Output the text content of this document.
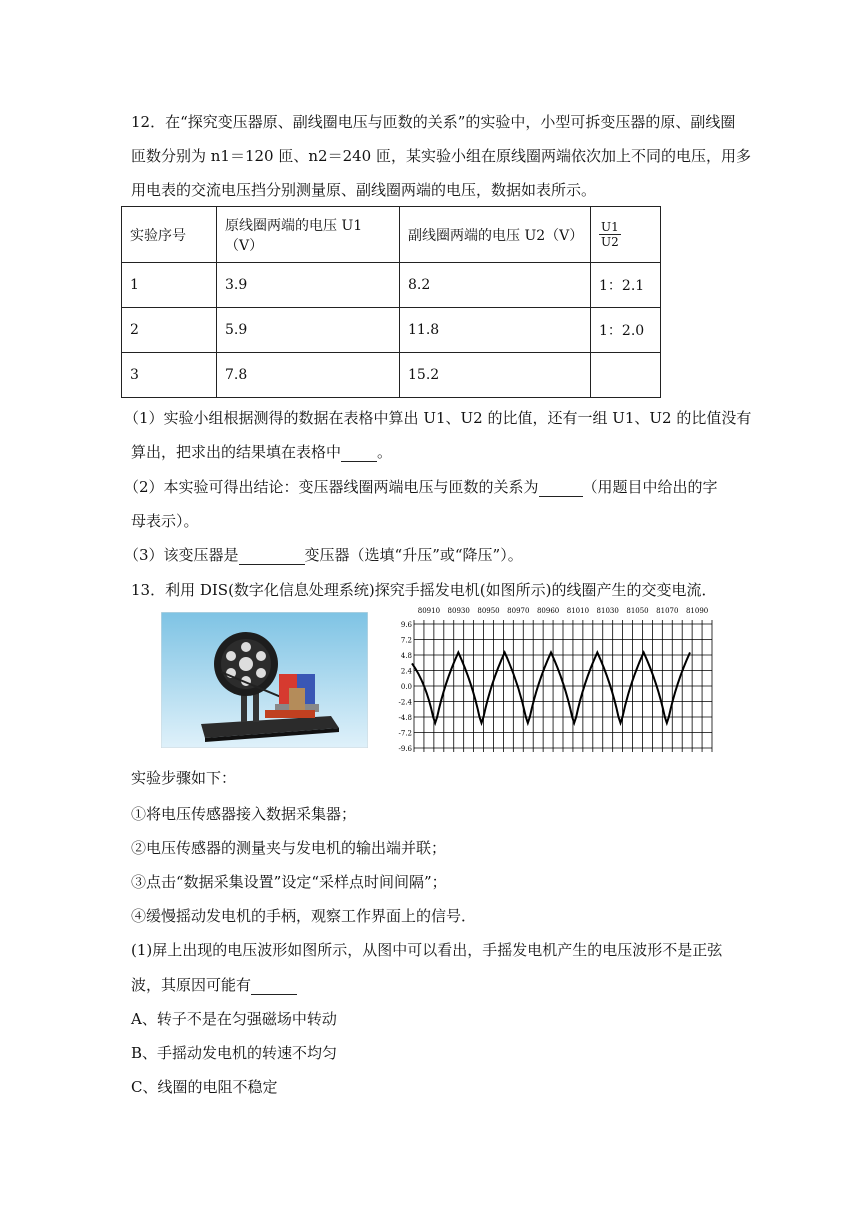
12．在“探究变压器原、副线圈电压与匝数的关系”的实验中，小型可拆变压器的原、副线圈
匝数分别为 n1＝120 匝、n2＝240 匝，某实验小组在原线圈两端依次加上不同的电压，用多
用电表的交流电压挡分别测量原、副线圈两端的电压，数据如表所示。
实验序号	原线圈两端的电压 U1（V）	副线圈两端的电压 U2（V）	$\frac{U1}{U2}$

1	3.9	8.2	1：2.1
2	5.9	11.8	1：2.0
3	7.8	15.2	
（1）实验小组根据测得的数据在表格中算出 U1、U2 的比值，还有一组 U1、U2 的比值没有
算出，把求出的结果填在表格中 。
（2）本实验可得出结论：变压器线圈两端电压与匝数的关系为	（用题目中给出的字
母表示）。
（3）该变压器是	变压器（选填“升压”或“降压”）。
13．利用 DIS(数字化信息处理系统)探究手摇发电机(如图所示)的线圈产生的交变电流．
80910 80930 80950 80970 80960 81010 81030 81050 81070 81090
9.6
7.2
4.8
2.4
0.0
-2.4
-4.8
-7.2
-9.6
实验步骤如下：
①将电压传感器接入数据采集器；
②电压传感器的测量夹与发电机的输出端并联；
③点击“数据采集设置”设定“采样点时间间隔”；
④缓慢摇动发电机的手柄，观察工作界面上的信号．
(1)屏上出现的电压波形如图所示，从图中可以看出，手摇发电机产生的电压波形不是正弦
波，其原因可能有
A、转子不是在匀强磁场中转动
B、手摇动发电机的转速不均匀
C、线圈的电阻不稳定
